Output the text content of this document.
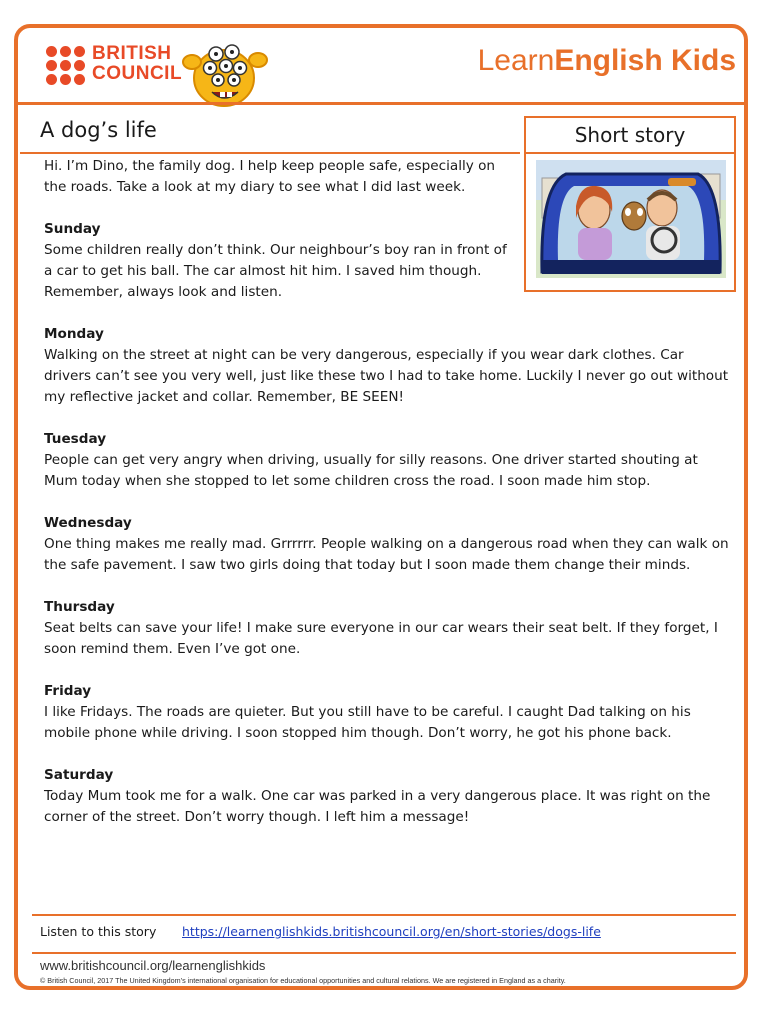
BRITISH
COUNCIL	LearnEnglish Kids
A dog’s life	Short story

Hi. I’m Dino, the family dog. I help keep people safe, especially on the roads. Take a look at my diary to see what I did last week.

Sunday

Some children really don’t think. Our neighbour’s boy ran in front of a car to get his ball. The car almost hit him. I saved him though. Remember, always look and listen.

Monday

Walking on the street at night can be very dangerous, especially if you wear dark clothes. Car drivers can’t see you very well, just like these two I had to take home. Luckily I never go out without my reflective jacket and collar. Remember, BE SEEN!

Tuesday

People can get very angry when driving, usually for silly reasons. One driver started shouting at Mum today when she stopped to let some children cross the road. I soon made him stop.

Wednesday

One thing makes me really mad. Grrrrrr. People walking on a dangerous road when they can walk on the safe pavement. I saw two girls doing that today but I soon made them change their minds.

Thursday

Seat belts can save your life! I make sure everyone in our car wears their seat belt. If they forget, I soon remind them. Even I’ve got one.

Friday

I like Fridays. The roads are quieter. But you still have to be careful. I caught Dad talking on his mobile phone while driving. I soon stopped him though. Don’t worry, he got his phone back.

Saturday

Today Mum took me for a walk. One car was parked in a very dangerous place. It was right on the corner of the street. Don’t worry though. I left him a message!

Listen to this story https://learnenglishkids.britishcouncil.org/en/short-stories/dogs-life
www.britishcouncil.org/learnenglishkids
© British Council, 2017 The United Kingdom’s international organisation for educational opportunities and cultural relations. We are registered in England as a charity.
